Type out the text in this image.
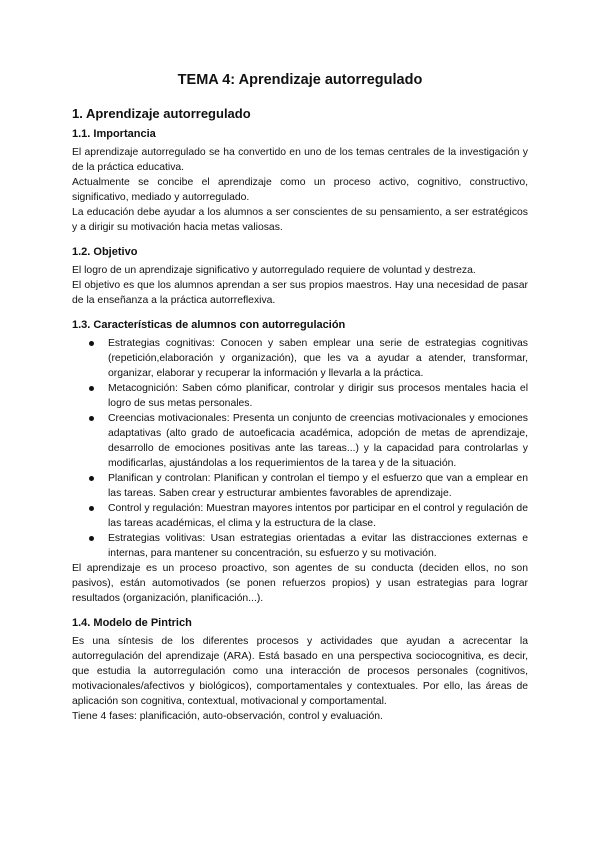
TEMA 4: Aprendizaje autorregulado
1. Aprendizaje autorregulado
1.1. Importancia

El aprendizaje autorregulado se ha convertido en uno de los temas centrales de la investigación y de la práctica educativa.

Actualmente se concibe el aprendizaje como un proceso activo, cognitivo, constructivo, significativo, mediado y autorregulado.

La educación debe ayudar a los alumnos a ser conscientes de su pensamiento, a ser estratégicos y a dirigir su motivación hacia metas valiosas.

1.2. Objetivo

El logro de un aprendizaje significativo y autorregulado requiere de voluntad y destreza.

El objetivo es que los alumnos aprendan a ser sus propios maestros. Hay una necesidad de pasar de la enseñanza a la práctica autorreflexiva.

1.3. Características de alumnos con autorregulación
Estrategias cognitivas: Conocen y saben emplear una serie de estrategias cognitivas (repetición,elaboración y organización), que les va a ayudar a atender, transformar, organizar, elaborar y recuperar la información y llevarla a la práctica.
Metacognición: Saben cómo planificar, controlar y dirigir sus procesos mentales hacia el logro de sus metas personales.
Creencias motivacionales: Presenta un conjunto de creencias motivacionales y emociones adaptativas (alto grado de autoeficacia académica, adopción de metas de aprendizaje, desarrollo de emociones positivas ante las tareas...) y la capacidad para controlarlas y modificarlas, ajustándolas a los requerimientos de la tarea y de la situación.
Planifican y controlan: Planifican y controlan el tiempo y el esfuerzo que van a emplear en las tareas. Saben crear y estructurar ambientes favorables de aprendizaje.
Control y regulación: Muestran mayores intentos por participar en el control y regulación de las tareas académicas, el clima y la estructura de la clase.
Estrategias volitivas: Usan estrategias orientadas a evitar las distracciones externas e internas, para mantener su concentración, su esfuerzo y su motivación.

El aprendizaje es un proceso proactivo, son agentes de su conducta (deciden ellos, no son pasivos), están automotivados (se ponen refuerzos propios) y usan estrategias para lograr resultados (organización, planificación...).

1.4. Modelo de Pintrich

Es una síntesis de los diferentes procesos y actividades que ayudan a acrecentar la autorregulación del aprendizaje (ARA). Está basado en una perspectiva sociocognitiva, es decir, que estudia la autorregulación como una interacción de procesos personales (cognitivos, motivacionales/afectivos y biológicos), comportamentales y contextuales. Por ello, las áreas de aplicación son cognitiva, contextual, motivacional y comportamental.

Tiene 4 fases: planificación, auto-observación, control y evaluación.
